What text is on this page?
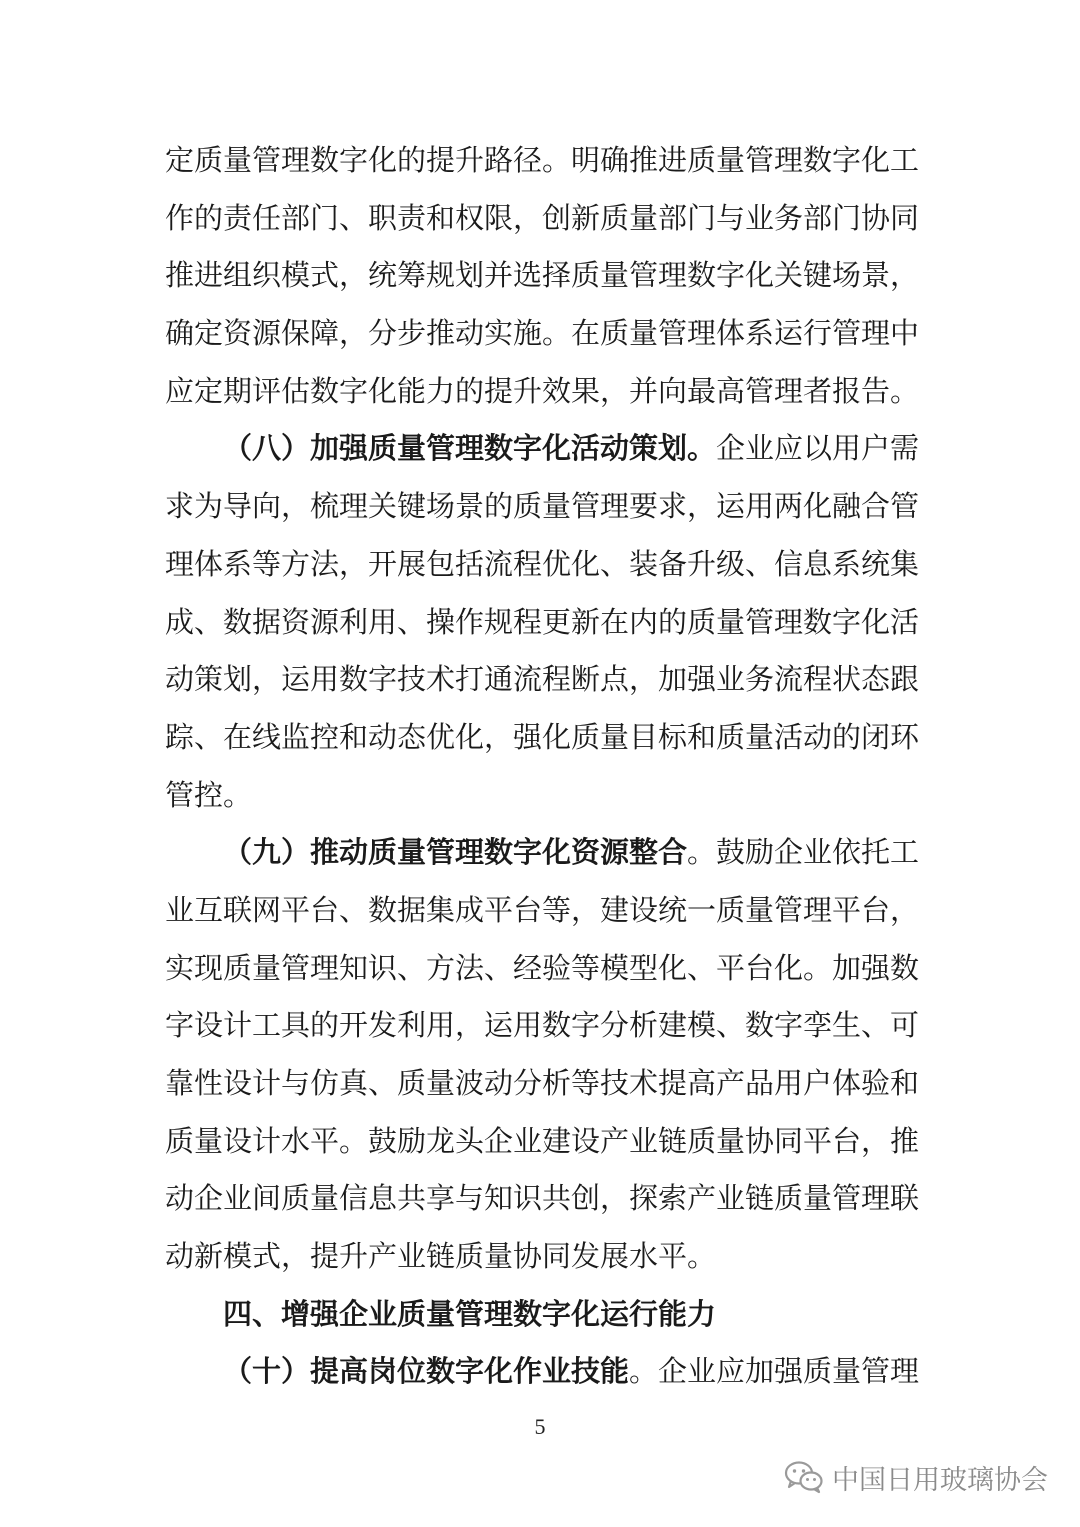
定质量管理数字化的提升路径。明确推进质量管理数字化工
作的责任部门、职责和权限，创新质量部门与业务部门协同
推进组织模式，统筹规划并选择质量管理数字化关键场景，
确定资源保障，分步推动实施。在质量管理体系运行管理中
应定期评估数字化能力的提升效果，并向最高管理者报告。
（八）加强质量管理数字化活动策划。企业应以用户需
求为导向，梳理关键场景的质量管理要求，运用两化融合管
理体系等方法，开展包括流程优化、装备升级、信息系统集
成、数据资源利用、操作规程更新在内的质量管理数字化活
动策划，运用数字技术打通流程断点，加强业务流程状态跟
踪、在线监控和动态优化，强化质量目标和质量活动的闭环
管控。
（九）推动质量管理数字化资源整合。鼓励企业依托工
业互联网平台、数据集成平台等，建设统一质量管理平台，
实现质量管理知识、方法、经验等模型化、平台化。加强数
字设计工具的开发利用，运用数字分析建模、数字孪生、可
靠性设计与仿真、质量波动分析等技术提高产品用户体验和
质量设计水平。鼓励龙头企业建设产业链质量协同平台，推
动企业间质量信息共享与知识共创，探索产业链质量管理联
动新模式，提升产业链质量协同发展水平。
四、增强企业质量管理数字化运行能力
（十）提高岗位数字化作业技能。企业应加强质量管理
5
中国日用玻璃协会
